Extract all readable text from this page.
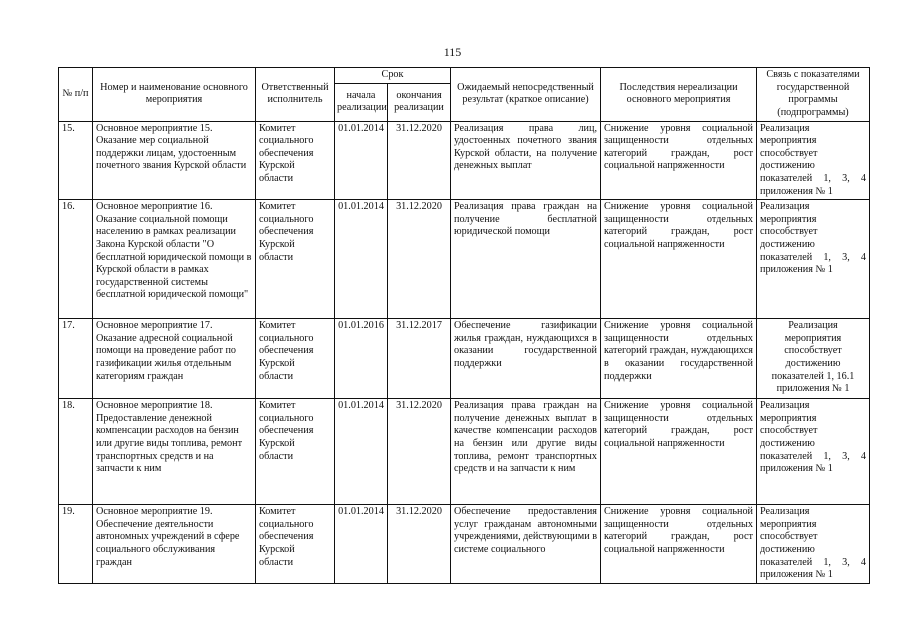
115
№ п/п	Номер и наименование основного мероприятия	Ответственный исполнитель	Срок		Ожидаемый непосредственный результат (краткое описание)	Последствия нереализации основного мероприятия	Связь с показателями государственной программы (подпрограммы)
			начала реализации	окончания реализации			
15.	Основное мероприятие 15. Оказание мер социальной поддержки лицам, удостоенным почетного звания Курской области	Комитет социального обеспечения Курской области	01.01.2014	31.12.2020	Реализация права лиц, удостоенных почетного звания Курской области, на получение денежных выплат	Снижение уровня социальной защищенности отдельных категорий граждан, рост социальной напряженности	Реализация мероприятия способствует достижению показателей 1, 3, 4 приложения № 1
16.	Основное мероприятие 16. Оказание социальной помощи населению в рамках реализации Закона Курской области "О бесплатной юридической помощи в Курской области в рамках государственной системы бесплатной юридической помощи"	Комитет социального обеспечения Курской области	01.01.2014	31.12.2020	Реализация права граждан на получение бесплатной юридической помощи	Снижение уровня социальной защищенности отдельных категорий граждан, рост социальной напряженности	Реализация мероприятия способствует достижению показателей 1, 3, 4 приложения № 1
17.	Основное мероприятие 17. Оказание адресной социальной помощи на проведение работ по газификации жилья отдельным категориям граждан	Комитет социального обеспечения Курской области	01.01.2016	31.12.2017	Обеспечение газификации жилья граждан, нуждающихся в оказании государственной поддержки	Снижение уровня социальной защищенности отдельных категорий граждан, нуждающихся в оказании государственной поддержки	Реализация мероприятия способствует достижению показателей 1, 16.1 приложения № 1
18.	Основное мероприятие 18. Предоставление денежной компенсации расходов на бензин или другие виды топлива, ремонт транспортных средств и на запчасти к ним	Комитет социального обеспечения Курской области	01.01.2014	31.12.2020	Реализация права граждан на получение денежных выплат в качестве компенсации расходов на бензин или другие виды топлива, ремонт транспортных средств и на запчасти к ним	Снижение уровня социальной защищенности отдельных категорий граждан, рост социальной напряженности	Реализация мероприятия способствует достижению показателей 1, 3, 4 приложения № 1
19.	Основное мероприятие 19. Обеспечение деятельности автономных учреждений в сфере социального обслуживания граждан	Комитет социального обеспечения Курской области	01.01.2014	31.12.2020	Обеспечение предоставления услуг гражданам автономными учреждениями, действующими в системе социального	Снижение уровня социальной защищенности отдельных категорий граждан, рост социальной напряженности	Реализация мероприятия способствует достижению показателей 1, 3, 4 приложения № 1
